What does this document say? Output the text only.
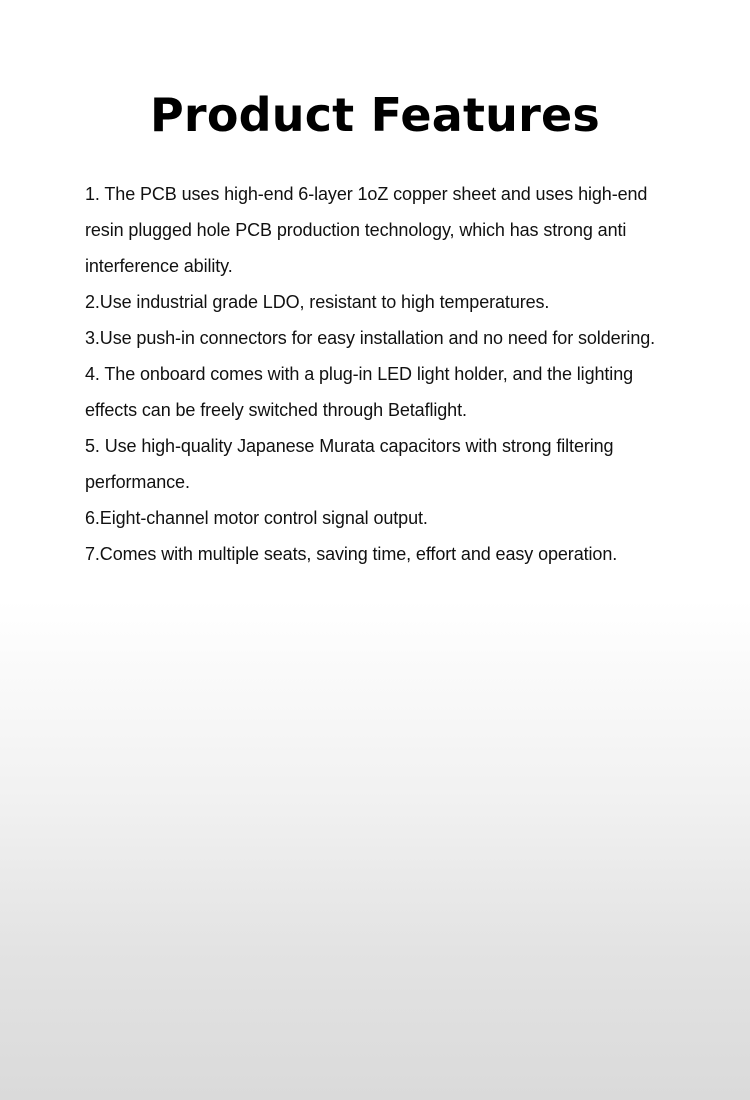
Product Features
1. The PCB uses high-end 6-layer 1oZ copper sheet and uses high-end resin plugged hole PCB production technology, which has strong anti interference ability.
2.Use industrial grade LDO, resistant to high temperatures.
3.Use push-in connectors for easy installation and no need for soldering.
4. The onboard comes with a plug-in LED light holder, and the lighting effects can be freely switched through Betaflight.
5. Use high-quality Japanese Murata capacitors with strong filtering performance.
6.Eight-channel motor control signal output.
7.Comes with multiple seats, saving time, effort and easy operation.
